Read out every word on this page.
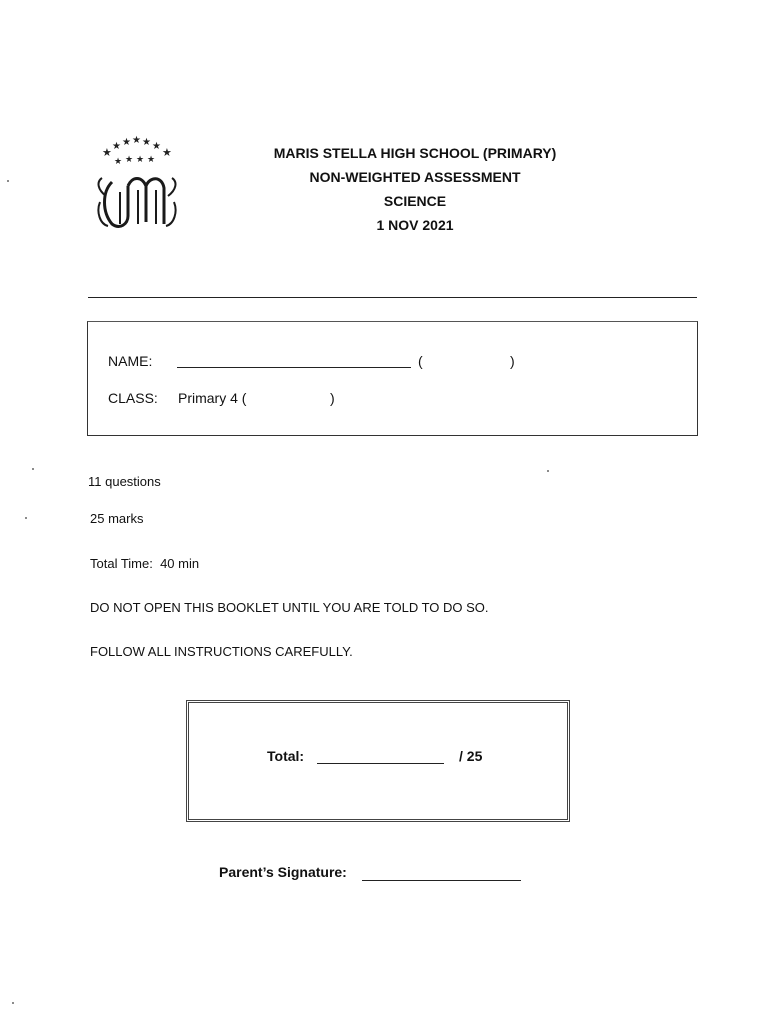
★ ★ ★ ★ ★ ★ ★
★ ★ ★ ★	MARIS STELLA HIGH SCHOOL (PRIMARY)
NON-WEIGHTED ASSESSMENT
SCIENCE
1 NOV 2021
NAME:	(	)
CLASS: Primary 4 (	)
11 questions
25 marks
Total Time:  40 min
DO NOT OPEN THIS BOOKLET UNTIL YOU ARE TOLD TO DO SO.
FOLLOW ALL INSTRUCTIONS CAREFULLY.
Total:	/ 25
Parent’s Signature:
